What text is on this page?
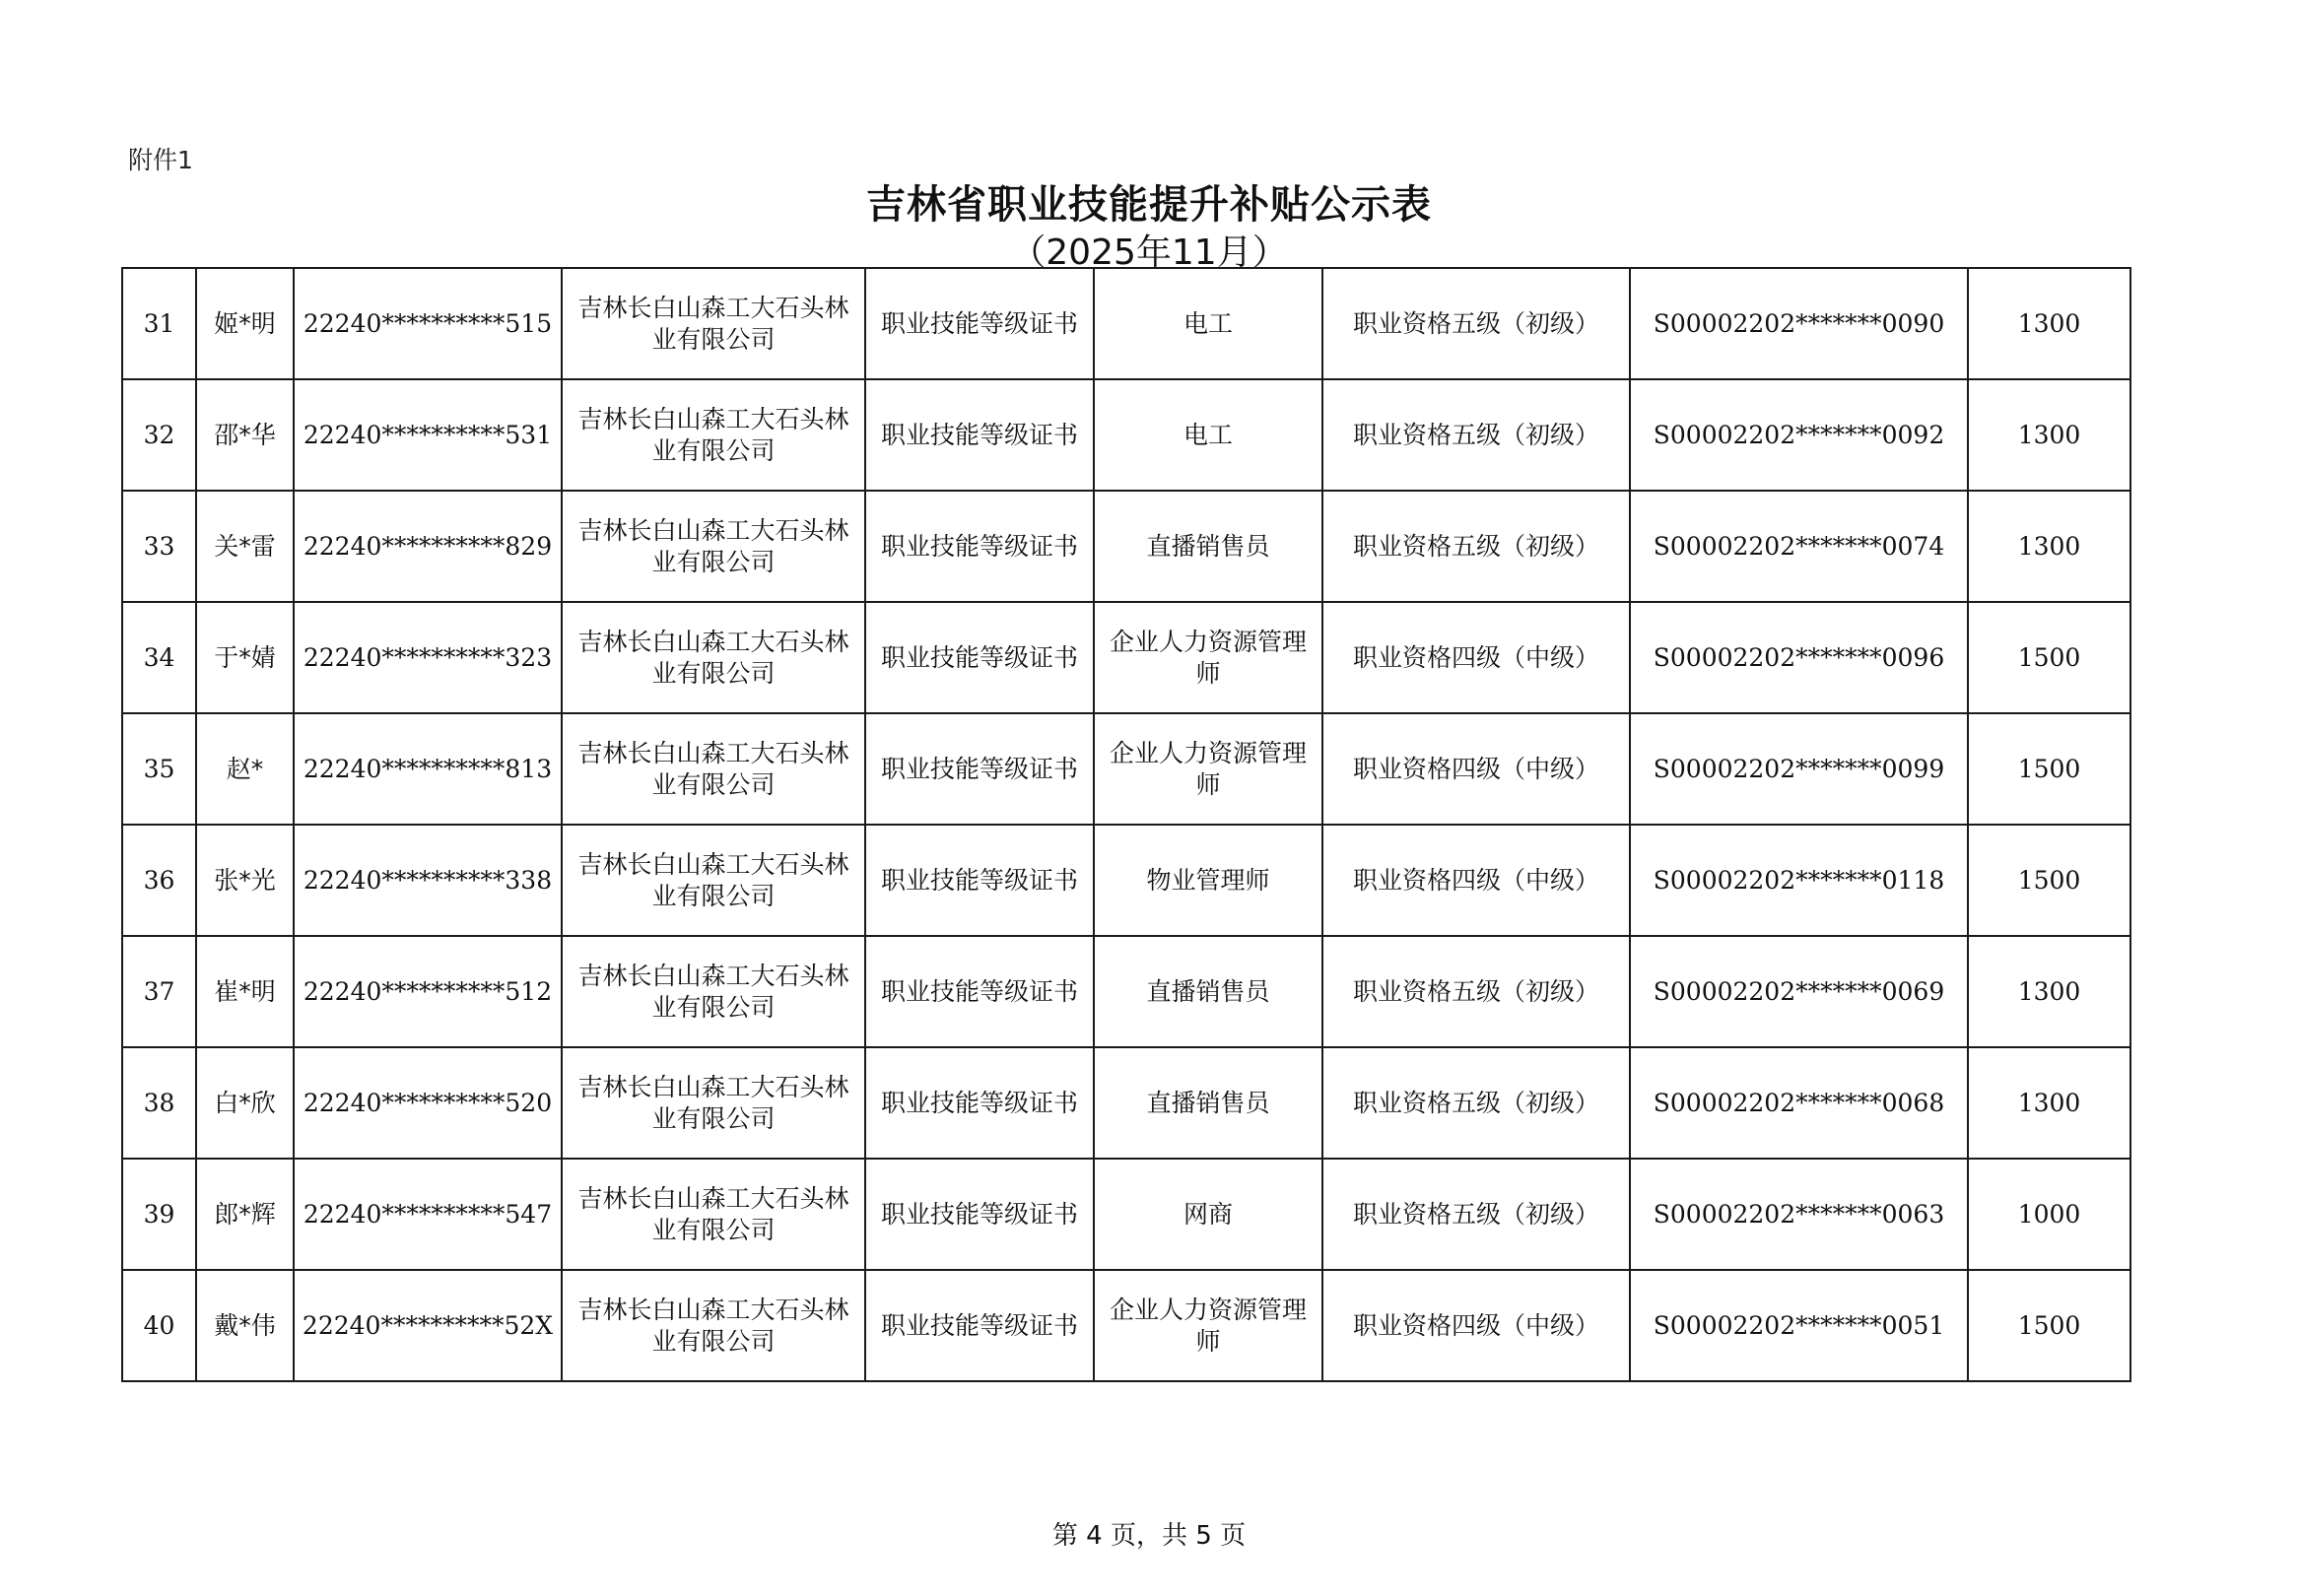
附件1
吉林省职业技能提升补贴公示表
（2025年11月）
31	姬*明	22240**********515	吉林长白山森工大石头林业有限公司	职业技能等级证书	电工	职业资格五级（初级）	S00002202*******0090	1300
32	邵*华	22240**********531	吉林长白山森工大石头林业有限公司	职业技能等级证书	电工	职业资格五级（初级）	S00002202*******0092	1300
33	关*雷	22240**********829	吉林长白山森工大石头林业有限公司	职业技能等级证书	直播销售员	职业资格五级（初级）	S00002202*******0074	1300
34	于*婧	22240**********323	吉林长白山森工大石头林业有限公司	职业技能等级证书	企业人力资源管理师	职业资格四级（中级）	S00002202*******0096	1500
35	赵*	22240**********813	吉林长白山森工大石头林业有限公司	职业技能等级证书	企业人力资源管理师	职业资格四级（中级）	S00002202*******0099	1500
36	张*光	22240**********338	吉林长白山森工大石头林业有限公司	职业技能等级证书	物业管理师	职业资格四级（中级）	S00002202*******0118	1500
37	崔*明	22240**********512	吉林长白山森工大石头林业有限公司	职业技能等级证书	直播销售员	职业资格五级（初级）	S00002202*******0069	1300
38	白*欣	22240**********520	吉林长白山森工大石头林业有限公司	职业技能等级证书	直播销售员	职业资格五级（初级）	S00002202*******0068	1300
39	郎*辉	22240**********547	吉林长白山森工大石头林业有限公司	职业技能等级证书	网商	职业资格五级（初级）	S00002202*******0063	1000
40	戴*伟	22240**********52X	吉林长白山森工大石头林业有限公司	职业技能等级证书	企业人力资源管理师	职业资格四级（中级）	S00002202*******0051	1500
第 4 页，共 5 页
